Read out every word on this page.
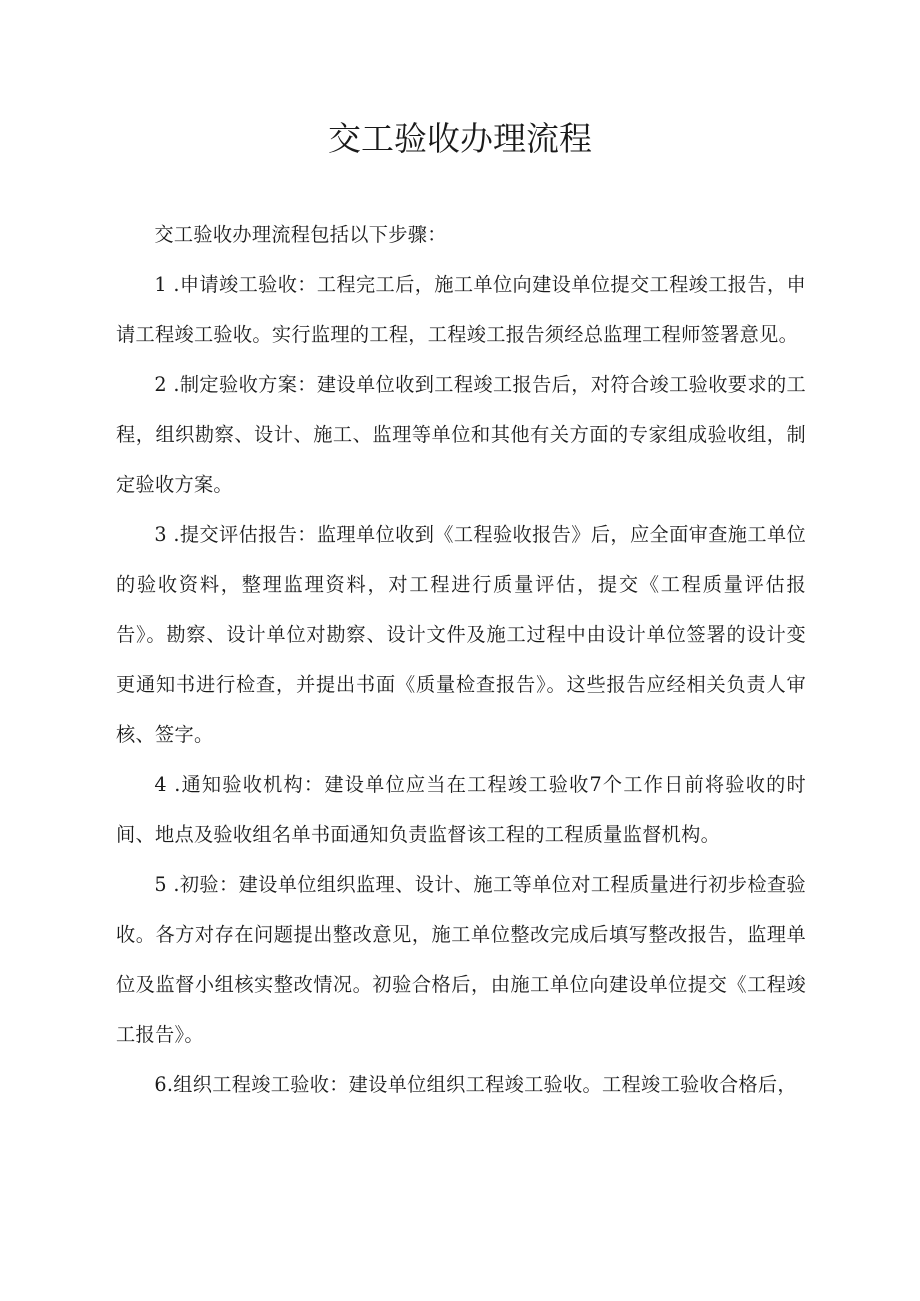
交工验收办理流程

交工验收办理流程包括以下步骤：

1 .申请竣工验收：工程完工后，施工单位向建设单位提交工程竣工报告，申请工程竣工验收。实行监理的工程，工程竣工报告须经总监理工程师签署意见。

2 .制定验收方案：建设单位收到工程竣工报告后，对符合竣工验收要求的工程，组织勘察、设计、施工、监理等单位和其他有关方面的专家组成验收组，制定验收方案。

3 .提交评估报告：监理单位收到《工程验收报告》后，应全面审查施工单位的验收资料，整理监理资料，对工程进行质量评估，提交《工程质量评估报告》。勘察、设计单位对勘察、设计文件及施工过程中由设计单位签署的设计变更通知书进行检查，并提出书面《质量检查报告》。这些报告应经相关负责人审核、签字。

4 .通知验收机构：建设单位应当在工程竣工验收7个工作日前将验收的时间、地点及验收组名单书面通知负责监督该工程的工程质量监督机构。

5 .初验：建设单位组织监理、设计、施工等单位对工程质量进行初步检查验收。各方对存在问题提出整改意见，施工单位整改完成后填写整改报告，监理单位及监督小组核实整改情况。初验合格后，由施工单位向建设单位提交《工程竣工报告》。

6.组织工程竣工验收：建设单位组织工程竣工验收。工程竣工验收合格后，
